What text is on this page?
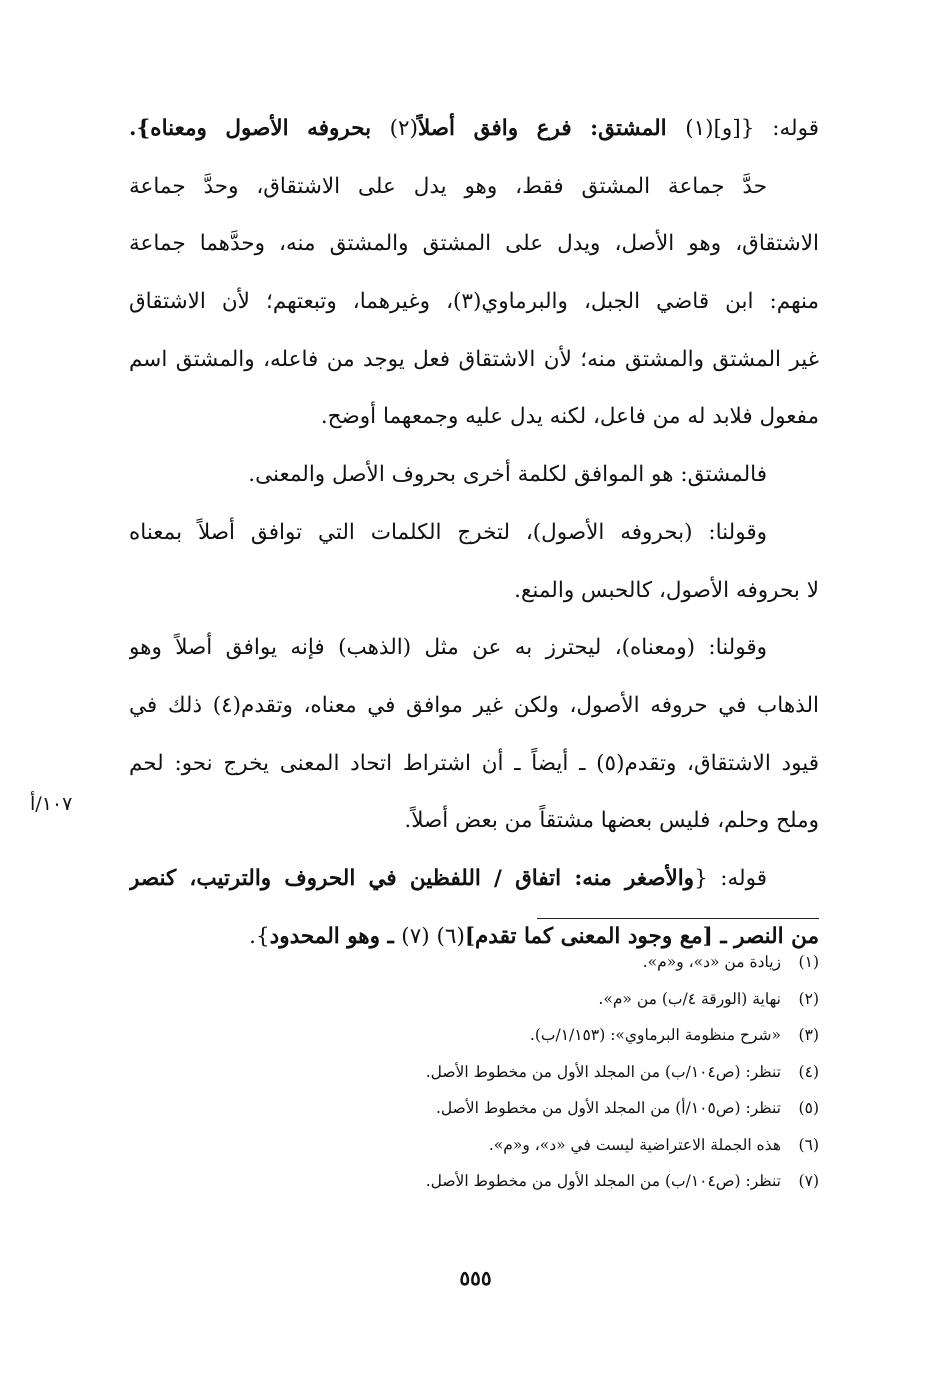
قوله: {[و](١) المشتق: فرع وافق أصلاً(٢) بحروفه الأصول ومعناه}.
حدَّ جماعة المشتق فقط، وهو يدل على الاشتقاق، وحدَّ جماعة
الاشتقاق، وهو الأصل، ويدل على المشتق والمشتق منه، وحدَّهما جماعة
منهم: ابن قاضي الجبل، والبرماوي(٣)، وغيرهما، وتبعتهم؛ لأن الاشتقاق
غير المشتق والمشتق منه؛ لأن الاشتقاق فعل يوجد من فاعله، والمشتق اسم
مفعول فلابد له من فاعل، لكنه يدل عليه وجمعهما أوضح.
فالمشتق: هو الموافق لكلمة أخرى بحروف الأصل والمعنى.
وقولنا: (بحروفه الأصول)، لتخرج الكلمات التي توافق أصلاً بمعناه
لا بحروفه الأصول، كالحبس والمنع.
وقولنا: (ومعناه)، ليحترز به عن مثل (الذهب) فإنه يوافق أصلاً وهو
الذهاب في حروفه الأصول، ولكن غير موافق في معناه، وتقدم(٤) ذلك في
قيود الاشتقاق، وتقدم(٥) ـ أيضاً ـ أن اشتراط اتحاد المعنى يخرج نحو: لحم
وملح وحلم، فليس بعضها مشتقاً من بعض أصلاً.
قوله: {والأصغر منه: اتفاق / اللفظين في الحروف والترتيب، كنصر
من النصر ـ [مع وجود المعنى كما تقدم](٦) (٧) ـ وهو المحدود}.
١٠٧/أ
(١)زيادة من «د»، و«م».
(٢)نهاية (الورقة ٤/ب) من «م».
(٣)«شرح منظومة البرماوي»: (١/١٥٣/ب).
(٤)تنظر: (ص١٠٤/ب) من المجلد الأول من مخطوط الأصل.
(٥)تنظر: (ص١٠٥/أ) من المجلد الأول من مخطوط الأصل.
(٦)هذه الجملة الاعتراضية ليست في «د»، و«م».
(٧)تنظر: (ص١٠٤/ب) من المجلد الأول من مخطوط الأصل.
٥٥٥
